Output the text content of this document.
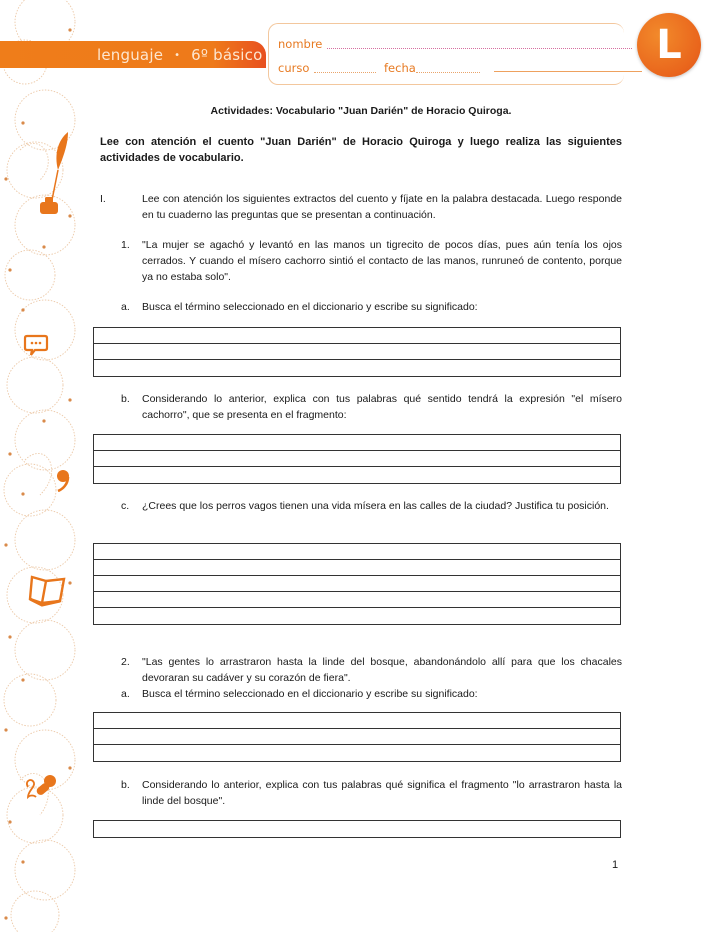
lenguaje • 6º básico
nombre
curso	fecha	L
Actividades: Vocabulario "Juan Darién" de Horacio Quiroga.
Lee con atención el cuento "Juan Darién" de Horacio Quiroga y luego realiza las siguientes actividades de vocabulario.
I.	Lee con atención los siguientes extractos del cuento y fíjate en la palabra destacada. Luego responde en tu cuaderno las preguntas que se presentan a continuación.
1. "La mujer se agachó y levantó en las manos un tigrecito de pocos días, pues aún tenía los ojos cerrados. Y cuando el mísero cachorro sintió el contacto de las manos, runruneó de contento, porque ya no estaba solo".
a. Busca el término seleccionado en el diccionario y escribe su significado:
b. Considerando lo anterior, explica con tus palabras qué sentido tendrá la expresión "el mísero cachorro", que se presenta en el fragmento:
c. ¿Crees que los perros vagos tienen una vida mísera en las calles de la ciudad? Justifica tu posición.
2. "Las gentes lo arrastraron hasta la linde del bosque, abandonándolo allí para que los chacales devoraran su cadáver y su corazón de fiera".
a. Busca el término seleccionado en el diccionario y escribe su significado:
b. Considerando lo anterior, explica con tus palabras qué significa el fragmento "lo arrastraron hasta la linde del bosque".
1
